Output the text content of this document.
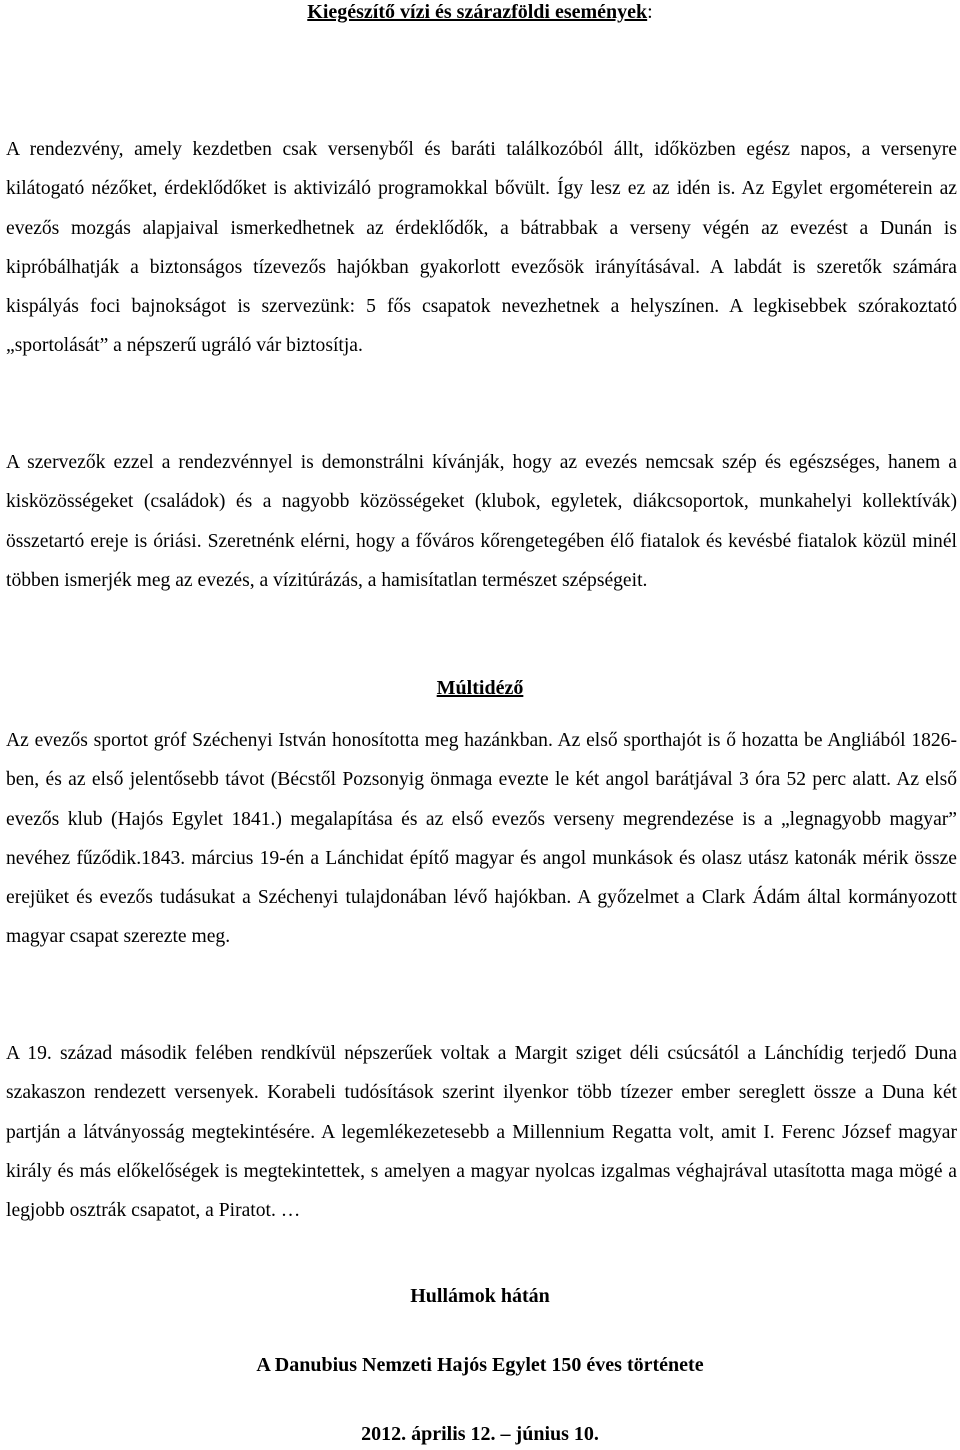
Kiegészítő vízi és szárazföldi események:

A rendezvény, amely kezdetben csak versenyből és baráti találkozóból állt, időközben egész napos, a versenyre kilátogató nézőket, érdeklődőket is aktivizáló programokkal bővült. Így lesz ez az idén is. Az Egylet ergométerein az evezős mozgás alapjaival ismerkedhetnek az érdeklődők, a bátrabbak a verseny végén az evezést a Dunán is kipróbálhatják a biztonságos tízevezős hajókban gyakorlott evezősök irányításával. A labdát is szeretők számára kispályás foci bajnokságot is szervezünk: 5 fős csapatok nevezhetnek a helyszínen. A legkisebbek szórakoztató „sportolását” a népszerű ugráló vár biztosítja.

A szervezők ezzel a rendezvénnyel is demonstrálni kívánják, hogy az evezés nemcsak szép és egészséges, hanem a kisközösségeket (családok) és a nagyobb közösségeket (klubok, egyletek, diákcsoportok, munkahelyi kollektívák) összetartó ereje is óriási. Szeretnénk elérni, hogy a főváros kőrengetegében élő fiatalok és kevésbé fiatalok közül minél többen ismerjék meg az evezés, a vízitúrázás, a hamisítatlan természet szépségeit.

Múltidéző

Az evezős sportot gróf Széchenyi István honosította meg hazánkban. Az első sporthajót is ő hozatta be Angliából 1826-ben, és az első jelentősebb távot (Bécstől Pozsonyig önmaga evezte le két angol barátjával 3 óra 52 perc alatt. Az első evezős klub (Hajós Egylet 1841.) megalapítása és az első evezős verseny megrendezése is a „legnagyobb magyar” nevéhez fűződik.1843. március 19-én a Lánchidat építő magyar és angol munkások és olasz utász katonák mérik össze erejüket és evezős tudásukat a Széchenyi tulajdonában lévő hajókban. A győzelmet a Clark Ádám által kormányozott magyar csapat szerezte meg.

A 19. század második felében rendkívül népszerűek voltak a Margit sziget déli csúcsától a Lánchídig terjedő Duna szakaszon rendezett versenyek. Korabeli tudósítások szerint ilyenkor több tízezer ember sereglett össze a Duna két partján a látványosság megtekintésére. A legemlékezetesebb a Millennium Regatta volt, amit I. Ferenc József magyar király és más előkelőségek is megtekintettek, s amelyen a magyar nyolcas izgalmas véghajrával utasította maga mögé a legjobb osztrák csapatot, a Piratot. …

Hullámok hátán
A Danubius Nemzeti Hajós Egylet 150 éves története
2012. április 12. – június 10.
